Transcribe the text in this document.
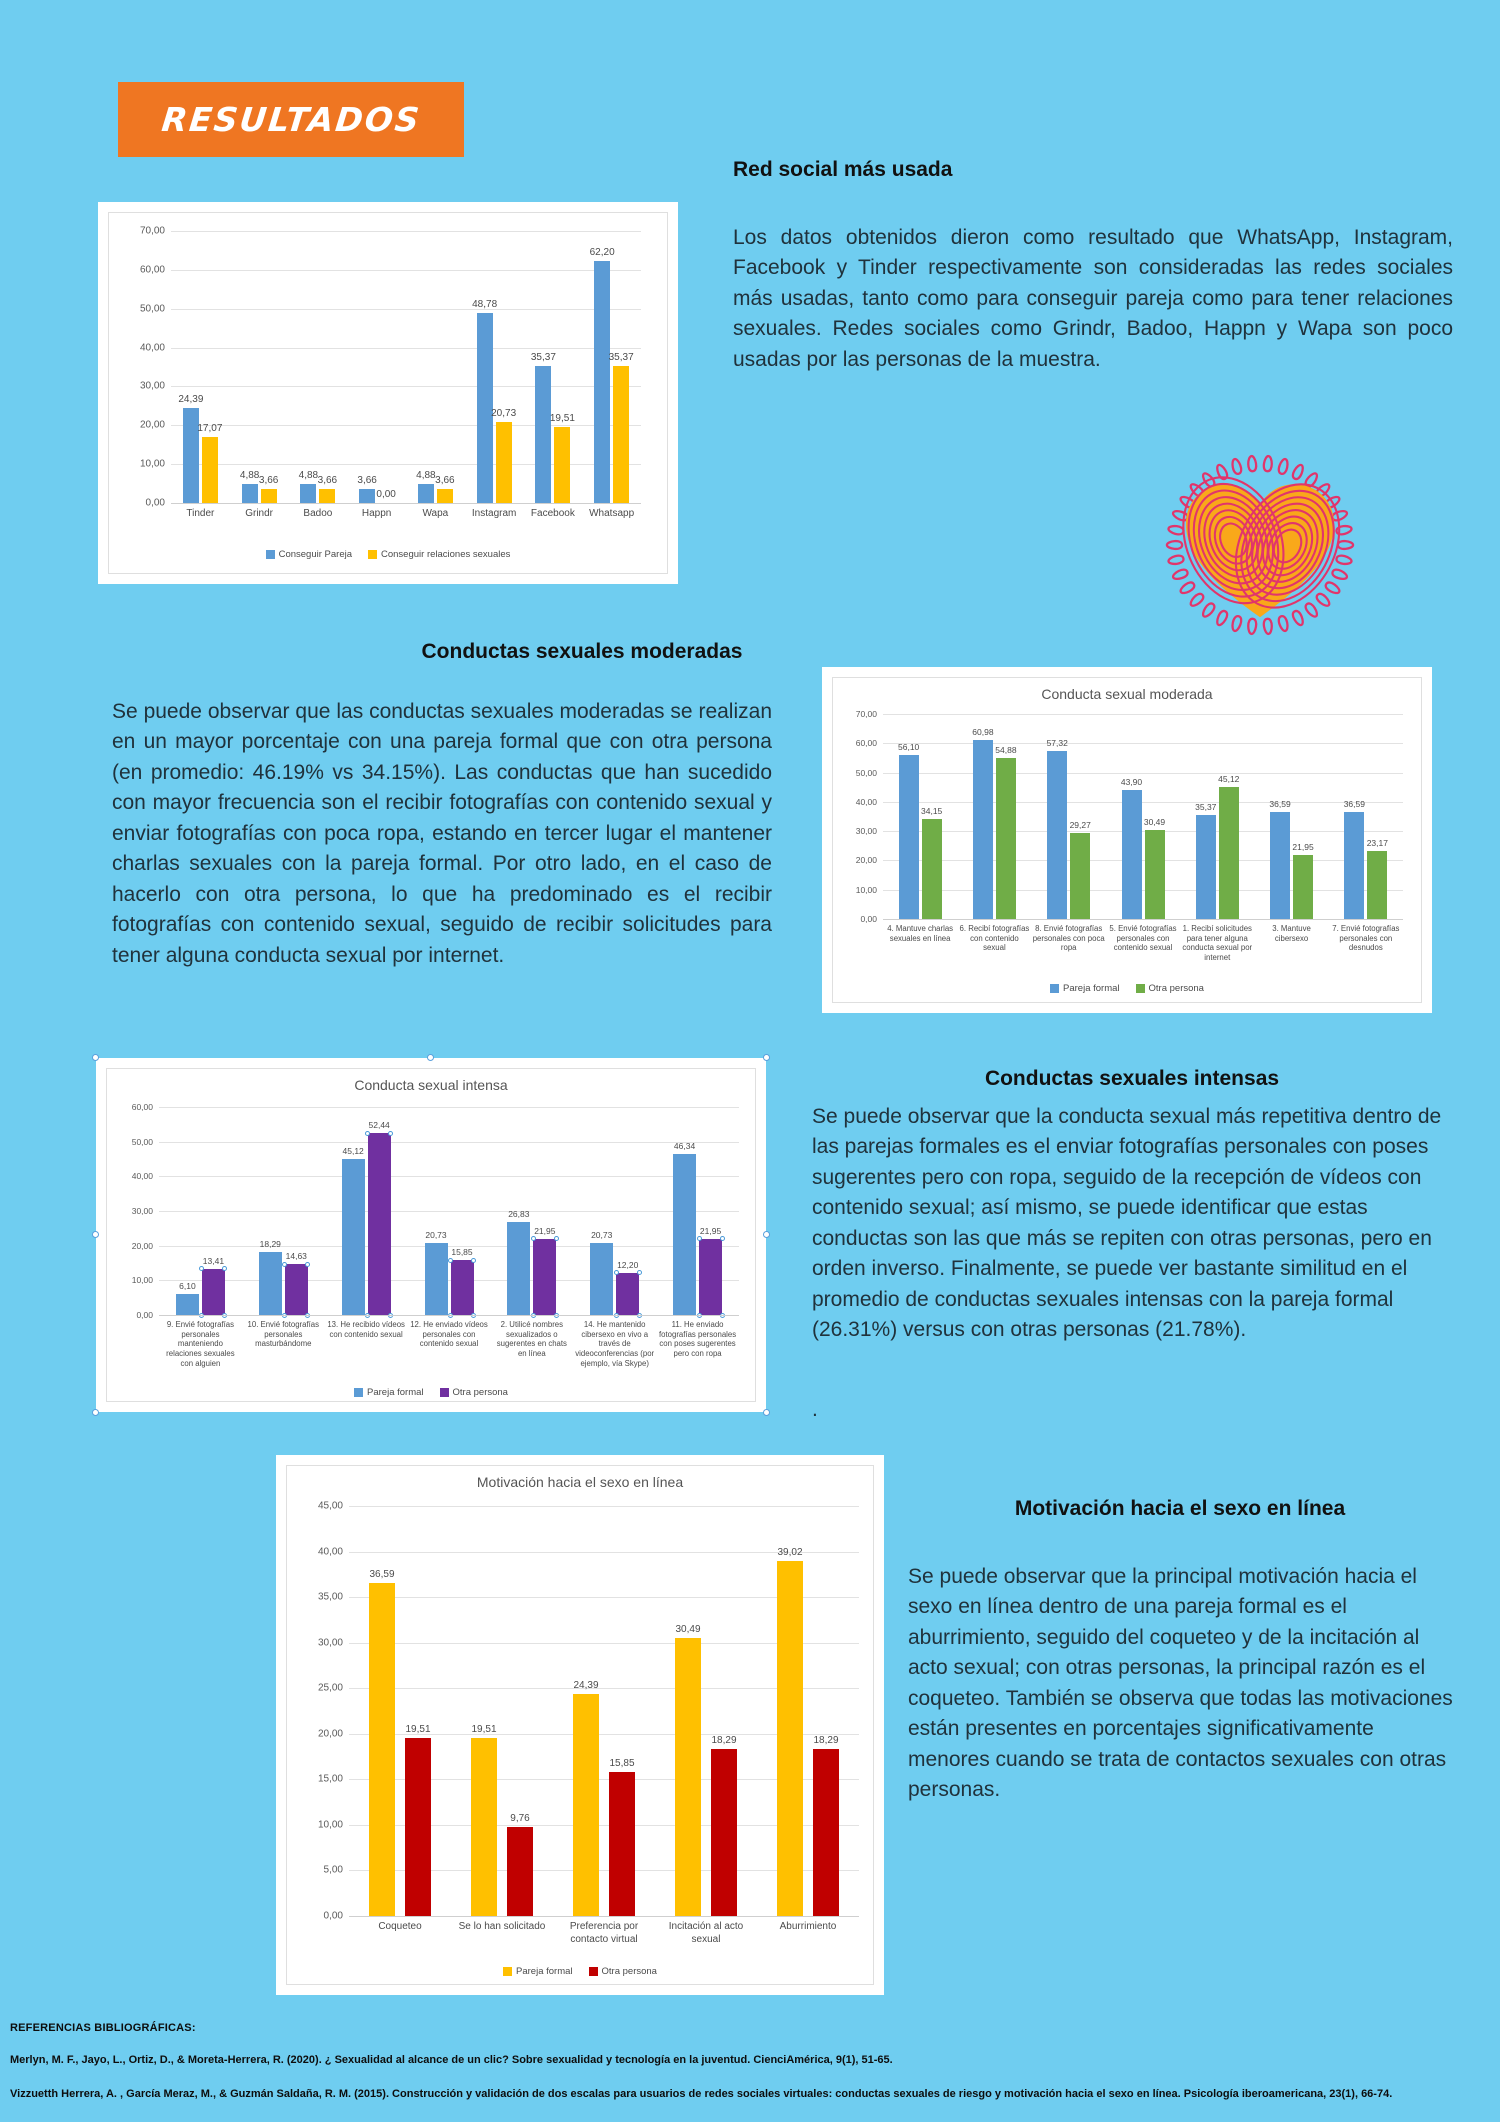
RESULTADOS
0,00
10,00
20,00
30,00
40,00
50,00
60,00
70,00
24,39
17,07
Tinder
4,88 3,66
Grindr
4,88 3,66
Badoo
3,66
0,00
Happn
4,88 3,66
Wapa
48,78
20,73
Instagram
35,37
19,51
Facebook
62,20
35,37
Whatsapp
Conseguir Pareja	Conseguir relaciones sexuales
Red social más usada
Los datos obtenidos dieron como resultado que WhatsApp, Instagram, Facebook y Tinder respectivamente son consideradas las redes sociales más usadas, tanto como para conseguir pareja como para tener relaciones sexuales. Redes sociales como Grindr, Badoo, Happn y Wapa son poco usadas por las personas de la muestra.
Conductas sexuales moderadas
Se puede observar que las conductas sexuales moderadas se realizan en un mayor porcentaje con una pareja formal que con otra persona (en promedio: 46.19% vs 34.15%). Las conductas que han sucedido con mayor frecuencia son el recibir fotografías con contenido sexual y enviar fotografías con poca ropa, estando en tercer lugar el mantener charlas sexuales con la pareja formal. Por otro lado, en el caso de hacerlo con otra persona, lo que ha predominado es el recibir fotografías con contenido sexual, seguido de recibir solicitudes para tener alguna conducta sexual por internet.
Conducta sexual moderada
0,00
10,00
20,00
30,00
40,00
50,00
60,00
70,00
56,10
34,15
4. Mantuve charlas sexuales en línea
60,98
54,88
6. Recibí fotografías con contenido sexual
57,32
29,27
8. Envié fotografías personales con poca ropa
43,90
30,49
5. Envié fotografías personales con contenido sexual
35,37
45,12
1. Recibí solicitudes para tener alguna conducta sexual por internet
36,59
21,95
3. Mantuve cibersexo
36,59
23,17
7. Envié fotografías personales con desnudos
Pareja formal	Otra persona
Conducta sexual intensa
0,00
10,00
20,00
30,00
40,00
50,00
60,00
6,10
13,41
9. Envié fotografías personales manteniendo relaciones sexuales con alguien
18,29
14,63
10. Envié fotografías personales masturbándome
45,12
52,44
13. He recibido vídeos con contenido sexual
20,73
15,85
12. He enviado vídeos personales con contenido sexual
26,83
21,95
2. Utilicé nombres sexualizados o sugerentes en chats en línea
20,73
12,20
14. He mantenido cibersexo en vivo a través de videoconferencias (por ejemplo, vía Skype)
46,34
21,95
11. He enviado fotografías personales con poses sugerentes pero con ropa
Pareja formal	Otra persona
Conductas sexuales intensas
Se puede observar que la conducta sexual más repetitiva dentro de las parejas formales es el enviar fotografías personales con poses sugerentes pero con ropa, seguido de la recepción de vídeos con contenido sexual; así mismo, se puede identificar que estas conductas son las que más se repiten con otras personas, pero en orden inverso. Finalmente, se puede ver bastante similitud en el promedio de conductas sexuales intensas con la pareja formal (26.31%) versus con otras personas (21.78%).
.
Motivación hacia el sexo en línea
0,00
5,00
10,00
15,00
20,00
25,00
30,00
35,00
40,00
45,00
36,59
19,51
Coqueteo
19,51
9,76
Se lo han solicitado
24,39
15,85
Preferencia por contacto virtual
30,49
18,29
Incitación al acto sexual
39,02
18,29
Aburrimiento
Pareja formal	Otra persona
Motivación hacia el sexo en línea
Se puede observar que la principal motivación hacia el sexo en línea dentro de una pareja formal es el aburrimiento, seguido del coqueteo y de la incitación al acto sexual; con otras personas, la principal razón es el coqueteo. También se observa que todas las motivaciones están presentes en porcentajes significativamente menores cuando se trata de contactos sexuales con otras personas.
REFERENCIAS BIBLIOGRÁFICAS:
Merlyn, M. F., Jayo, L., Ortiz, D., & Moreta-Herrera, R. (2020). ¿ Sexualidad al alcance de un clic? Sobre sexualidad y tecnología en la juventud. CienciAmérica, 9(1), 51-65.
Vizzuetth Herrera, A. , García Meraz, M., & Guzmán Saldaña, R. M. (2015). Construcción y validación de dos escalas para usuarios de redes sociales virtuales: conductas sexuales de riesgo y motivación hacia el sexo en línea. Psicología iberoamericana, 23(1), 66-74.
